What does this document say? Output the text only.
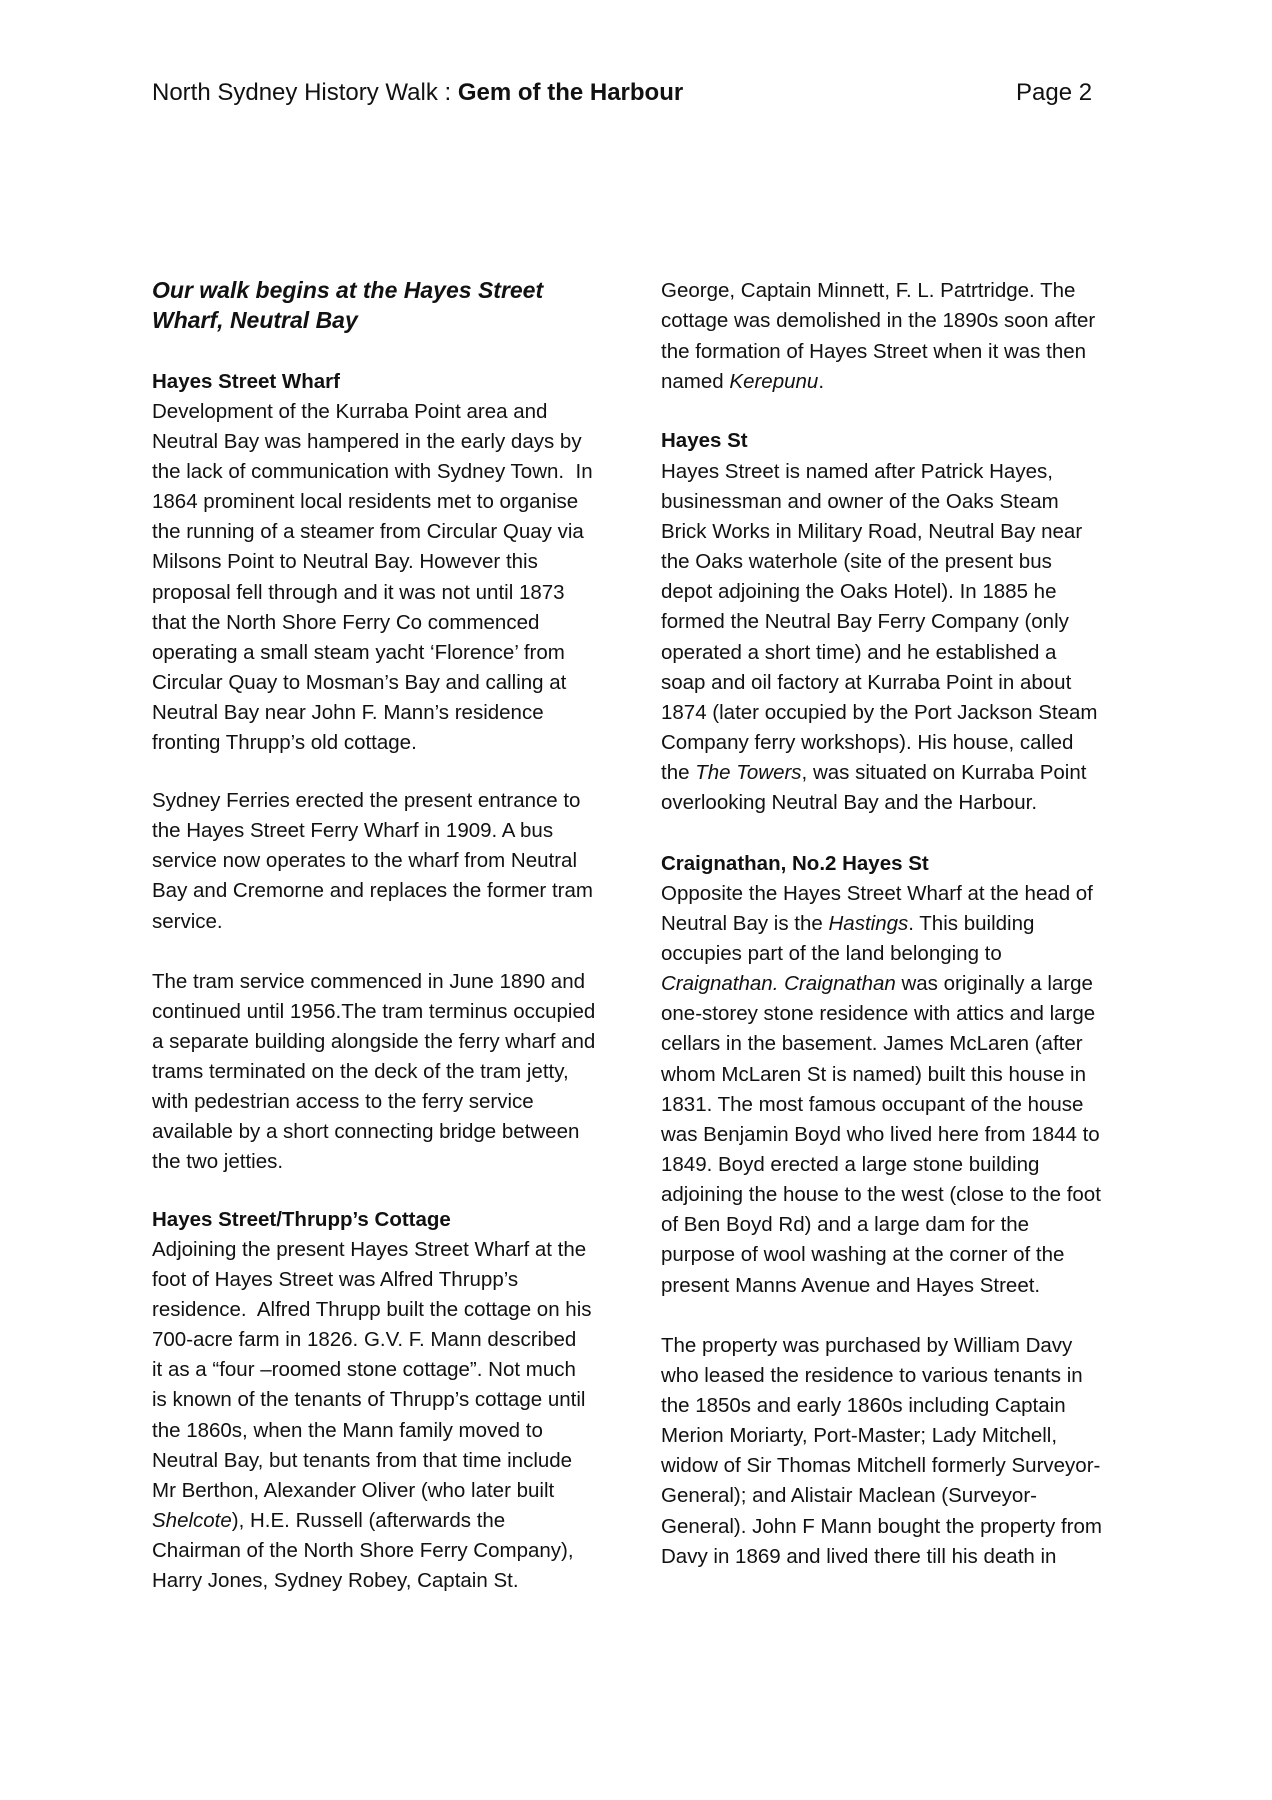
North Sydney History Walk : Gem of the Harbour	Page 2
Our walk begins at the Hayes Street
Wharf, Neutral Bay
Hayes Street Wharf
Development of the Kurraba Point area and
Neutral Bay was hampered in the early days by
the lack of communication with Sydney Town.  In
1864 prominent local residents met to organise
the running of a steamer from Circular Quay via
Milsons Point to Neutral Bay. However this
proposal fell through and it was not until 1873
that the North Shore Ferry Co commenced
operating a small steam yacht ‘Florence’ from
Circular Quay to Mosman’s Bay and calling at
Neutral Bay near John F. Mann’s residence
fronting Thrupp’s old cottage.
Sydney Ferries erected the present entrance to
the Hayes Street Ferry Wharf in 1909. A bus
service now operates to the wharf from Neutral
Bay and Cremorne and replaces the former tram
service.
The tram service commenced in June 1890 and
continued until 1956.The tram terminus occupied
a separate building alongside the ferry wharf and
trams terminated on the deck of the tram jetty,
with pedestrian access to the ferry service
available by a short connecting bridge between
the two jetties.
Hayes Street/Thrupp’s Cottage
Adjoining the present Hayes Street Wharf at the
foot of Hayes Street was Alfred Thrupp’s
residence.  Alfred Thrupp built the cottage on his
700-acre farm in 1826. G.V. F. Mann described
it as a “four –roomed stone cottage”. Not much
is known of the tenants of Thrupp’s cottage until
the 1860s, when the Mann family moved to
Neutral Bay, but tenants from that time include
Mr Berthon, Alexander Oliver (who later built
Shelcote), H.E. Russell (afterwards the
Chairman of the North Shore Ferry Company),
Harry Jones, Sydney Robey, Captain St.
George, Captain Minnett, F. L. Patrtridge. The
cottage was demolished in the 1890s soon after
the formation of Hayes Street when it was then
named Kerepunu.
Hayes St
Hayes Street is named after Patrick Hayes,
businessman and owner of the Oaks Steam
Brick Works in Military Road, Neutral Bay near
the Oaks waterhole (site of the present bus
depot adjoining the Oaks Hotel). In 1885 he
formed the Neutral Bay Ferry Company (only
operated a short time) and he established a
soap and oil factory at Kurraba Point in about
1874 (later occupied by the Port Jackson Steam
Company ferry workshops). His house, called
the The Towers, was situated on Kurraba Point
overlooking Neutral Bay and the Harbour.
Craignathan, No.2 Hayes St
Opposite the Hayes Street Wharf at the head of
Neutral Bay is the Hastings. This building
occupies part of the land belonging to
Craignathan. Craignathan was originally a large
one-storey stone residence with attics and large
cellars in the basement. James McLaren (after
whom McLaren St is named) built this house in
1831. The most famous occupant of the house
was Benjamin Boyd who lived here from 1844 to
1849. Boyd erected a large stone building
adjoining the house to the west (close to the foot
of Ben Boyd Rd) and a large dam for the
purpose of wool washing at the corner of the
present Manns Avenue and Hayes Street.
The property was purchased by William Davy
who leased the residence to various tenants in
the 1850s and early 1860s including Captain
Merion Moriarty, Port-Master; Lady Mitchell,
widow of Sir Thomas Mitchell formerly Surveyor-
General); and Alistair Maclean (Surveyor-
General). John F Mann bought the property from
Davy in 1869 and lived there till his death in
